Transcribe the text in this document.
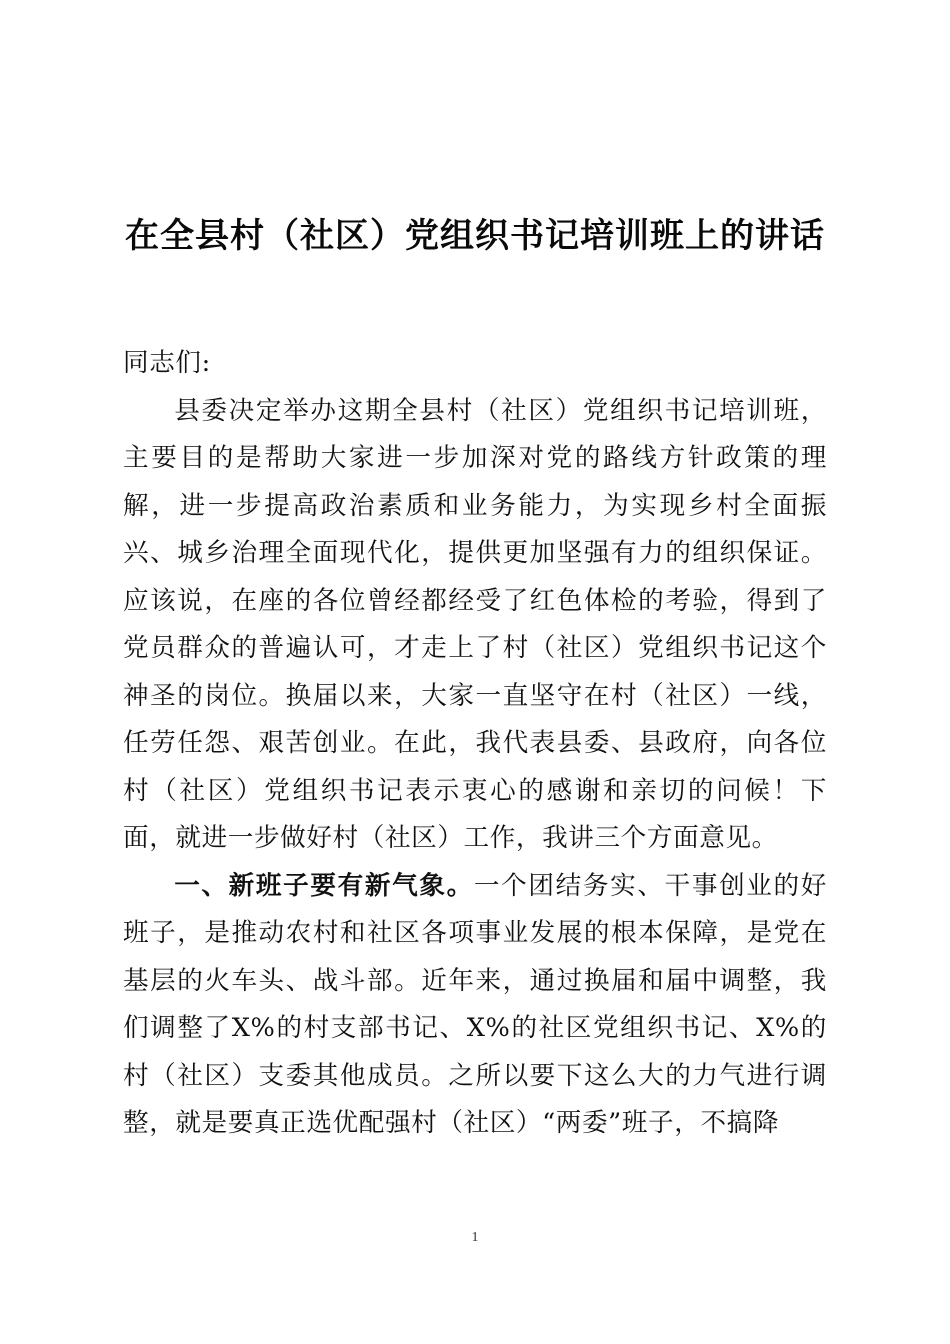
在全县村（社区）党组织书记培训班上的讲话

同志们:

县委决定举办这期全县村（社区）党组织书记培训班，主要目的是帮助大家进一步加深对党的路线方针政策的理解，进一步提高政治素质和业务能力，为实现乡村全面振兴、城乡治理全面现代化，提供更加坚强有力的组织保证。应该说，在座的各位曾经都经受了红色体检的考验，得到了党员群众的普遍认可，才走上了村（社区）党组织书记这个神圣的岗位。换届以来，大家一直坚守在村（社区）一线，任劳任怨、艰苦创业。在此，我代表县委、县政府，向各位村（社区）党组织书记表示衷心的感谢和亲切的问候！下面，就进一步做好村（社区）工作，我讲三个方面意见。

一、新班子要有新气象。一个团结务实、干事创业的好班子，是推动农村和社区各项事业发展的根本保障，是党在基层的火车头、战斗部。近年来，通过换届和届中调整，我们调整了X%的村支部书记、X%的社区党组织书记、X%的村（社区）支委其他成员。之所以要下这么大的力气进行调整，就是要真正选优配强村（社区）“两委”班子，不搞降

1
